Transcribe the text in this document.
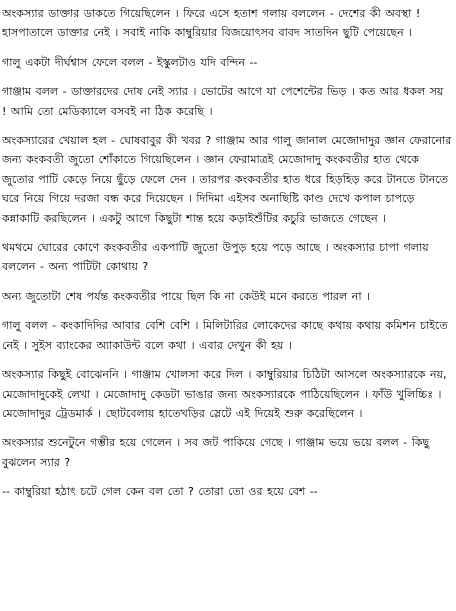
অংকস্যার ডাক্তার ডাকতে গিয়েছিলেন । ফিরে এসে হতাশ গলায় বললেন - দেশের কী অবস্থা ! হাসপাতালে ডাক্তার নেই । সবাই নাকি কাম্বুরিয়ার বিজয়োৎসব বাবদ সাতদিন ছুটি পেয়েছেন ।

গালু একটা দীর্ঘশ্বাস ফেলে বলল - ইস্কুলটাও যদি বন্দিন --

গাঞ্জাম বলল - ডাক্তারদের দোষ নেই স্যার । ভোটের আগে যা পেশেন্টের ভিড় । কত আর ধকল সয় ! আমি তো মেডিক্যালে বসবই না ঠিক করেছি ।

অংকস্যারের খেয়াল হল - ঘোষবাবুর কী খবর ? গাঞ্জাম আর গালু জানাল মেজোদাদুর জ্ঞান ফেরানোর জন্য কংকবতী জুতো শোঁকাতে গিয়েছিলেন । জ্ঞান ফেরামাত্রই মেজোদাদু কংকবতীর হাত থেকে জুতোর পাটি কেড়ে নিয়ে ছুঁড়ে ফেলে দেন । তারপর কংকবতীর হাত ধরে হিড়হিড় করে টানতে টানতে ঘরে নিয়ে গিয়ে দরজা বন্ধ করে দিয়েছেন । দিদিমা এইসব অনাছিষ্টি কাণ্ড দেখে কপাল চাপড়ে কন্নাকাটি করছিলেন । একটু আগে কিছুটা শান্ত হয়ে কড়াইশুঁটির কচুরি ভাজতে গেছেন ।

থমথমে ঘোরের কোণে কংকবতীর একপাটি জুতো উপুড় হয়ে পড়ে আছে । অংকস্যার চাপা গলায় বললেন - অন্য পাটিটা কোথায় ?

অন্য জুতোটা শেষ পর্যন্ত কংকবতীর পায়ে ছিল কি না কেউই মনে করতে পারল না ।

গালু বলল - কংকাদিদির আবার বেশি বেশি । মিলিটারির লোকেদের কাছে কথায় কথায় কমিশন চাইতে নেই । সুইস ব্যাংকের অ্যাকাউন্ট বলে কথা । এবার দেখুন কী হয় ।

অংকস্যার কিছুই বোঝেননি । গাঞ্জাম খোলসা করে দিল । কাম্বুরিয়ার চিঠিটা আসলে অংকস্যারকে নয়, মেজোদাদুকেই লেখা । মেজোদাদু কেডটা ভাঙার জন্য অংকস্যারকে পাঠিয়েছিলেন । ফাঁউ খুলিচ্চিঃ । মেজোদাদুর ট্রেডমার্ক । ছোটবেলায় হাতেখড়ির স্লেটে এই দিয়েই শুরু করেছিলেন ।

অংকস্যার শুনেটুনে গম্ভীর হয়ে গেলেন । সব জট পাকিয়ে গেছে । গাঞ্জাম ভয়ে ভয়ে বলল - কিছু বুঝলেন স্যার ?

-- কাম্বুরিয়া হঠাৎ চটে গেল কেন বল তো ? তোরা তো ওর হয়ে বেশ --
